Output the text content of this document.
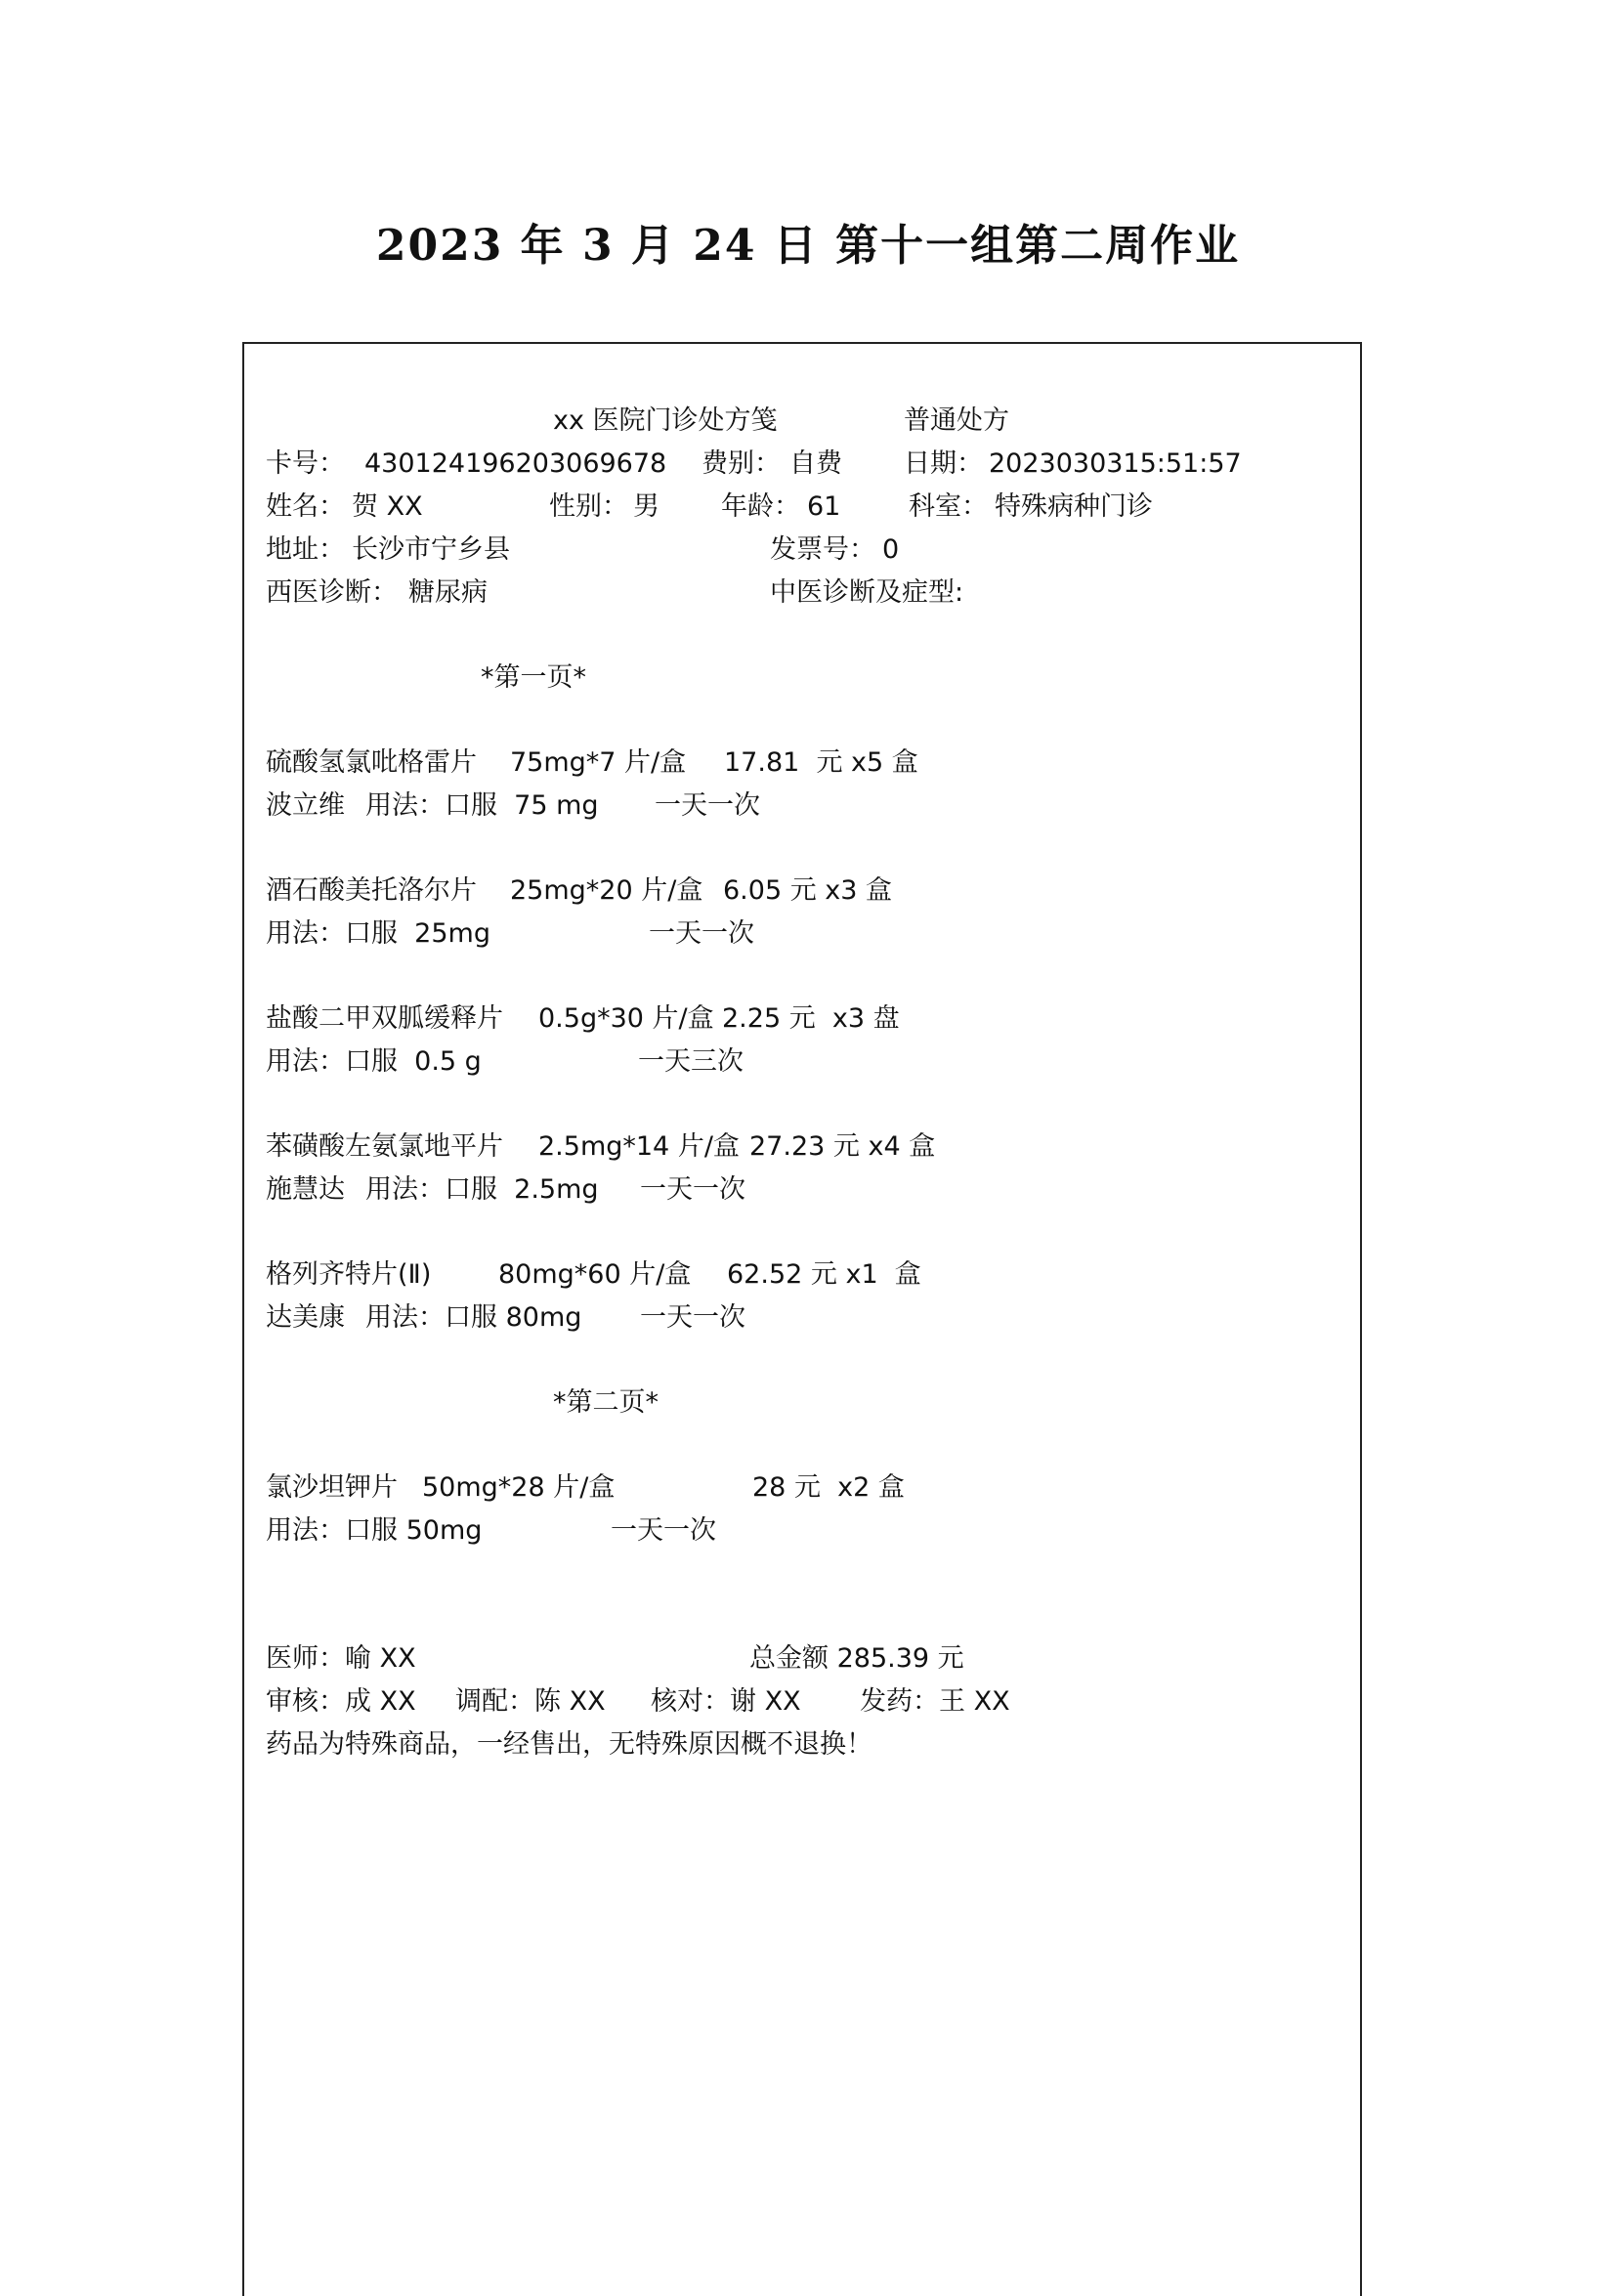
2023 年 3 月 24 日 第十一组第二周作业
xx 医院门诊处方笺	普通处方
卡号： 430124196203069678 费别： 自费 日期： 2023030315:51:57
姓名： 贺 XX	性别： 男 年龄： 61	科室： 特殊病种门诊
地址： 长沙市宁乡县	发票号： 0
西医诊断： 糖尿病	中医诊断及症型:
*第一页*
硫酸氢氯吡格雷片 75mg*7 片/盒 17.81  元 x5 盒
波立维 用法：口服  75 mg 一天一次
酒石酸美托洛尔片 25mg*20 片/盒 6.05 元 x3 盒
用法：口服  25mg	一天一次
盐酸二甲双胍缓释片 0.5g*30 片/盒 2.25 元  x3 盘
用法：口服  0.5 g	一天三次
苯磺酸左氨氯地平片 2.5mg*14 片/盒 27.23 元 x4 盒
施慧达 用法：口服  2.5mg 一天一次
格列齐特片(Ⅱ)	80mg*60 片/盒 62.52 元 x1  盒
达美康 用法：口服 80mg 一天一次
*第二页*
氯沙坦钾片 50mg*28 片/盒	28 元  x2 盒
用法：口服 50mg	一天一次
医师：喻 XX	总金额 285.39 元
审核：成 XX 调配：陈 XX 核对：谢 XX 发药：王 XX
药品为特殊商品，一经售出，无特殊原因概不退换！
